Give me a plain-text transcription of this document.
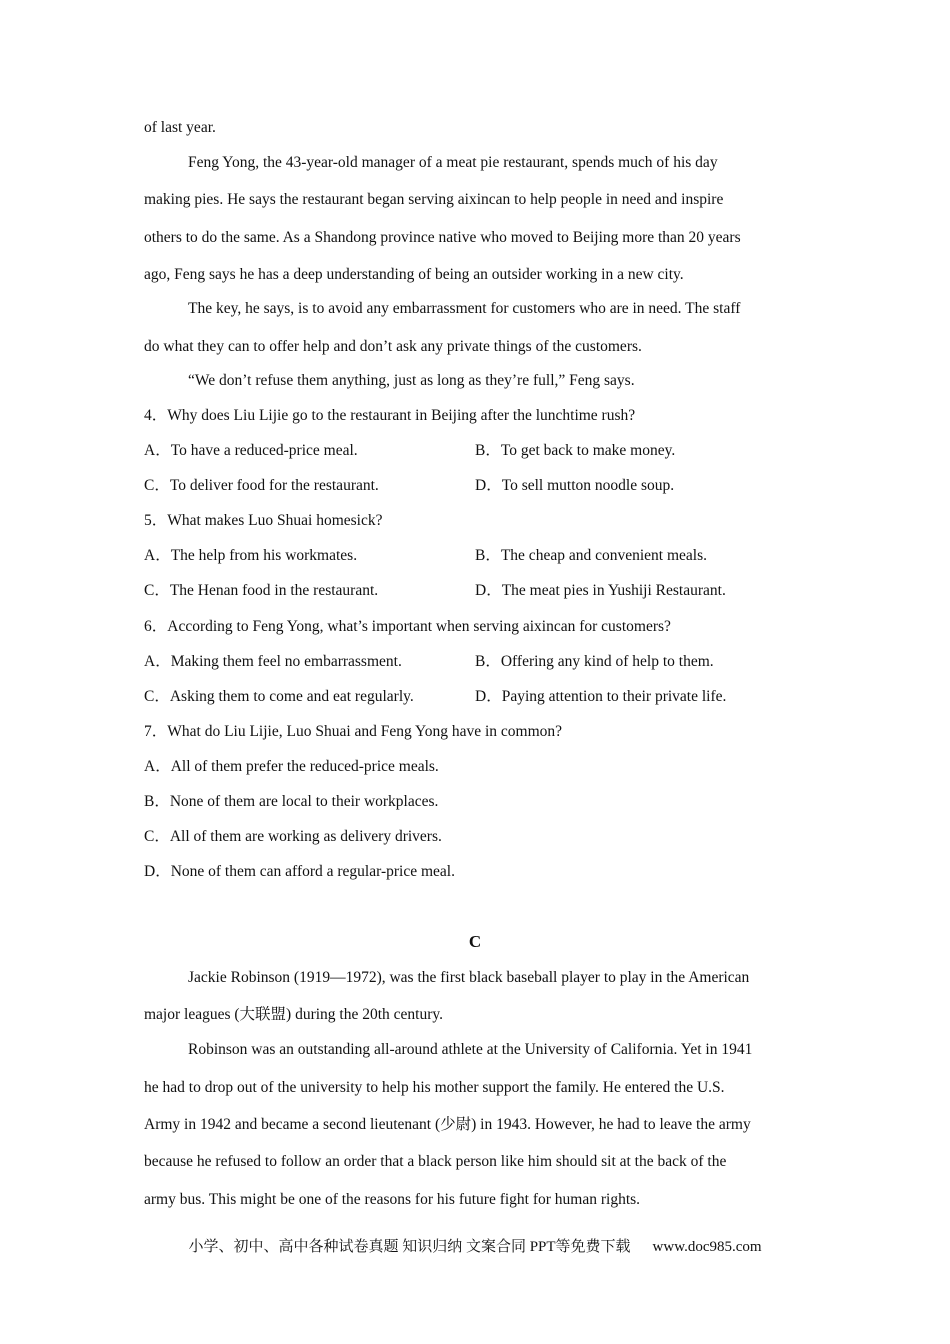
of last year.
Feng Yong, the 43-year-old manager of a meat pie restaurant, spends much of his day
making pies. He says the restaurant began serving aixincan to help people in need and inspire
others to do the same. As a Shandong province native who moved to Beijing more than 20 years
ago, Feng says he has a deep understanding of being an outsider working in a new city.
The key, he says, is to avoid any embarrassment for customers who are in need. The staff
do what they can to offer help and don’t ask any private things of the customers.
“We don’t refuse them anything, just as long as they’re full,” Feng says.
4．Why does Liu Lijie go to the restaurant in Beijing after the lunchtime rush?
A．To have a reduced-price meal.	B．To get back to make money.
C．To deliver food for the restaurant.	D．To sell mutton noodle soup.
5．What makes Luo Shuai homesick?
A．The help from his workmates.	B．The cheap and convenient meals.
C．The Henan food in the restaurant.	D．The meat pies in Yushiji Restaurant.
6．According to Feng Yong, what’s important when serving aixincan for customers?
A．Making them feel no embarrassment.	B．Offering any kind of help to them.
C．Asking them to come and eat regularly.	D．Paying attention to their private life.
7．What do Liu Lijie, Luo Shuai and Feng Yong have in common?
A．All of them prefer the reduced-price meals.
B．None of them are local to their workplaces.
C．All of them are working as delivery drivers.
D．None of them can afford a regular-price meal.
C
Jackie Robinson (1919—1972), was the first black baseball player to play in the American
major leagues (大联盟) during the 20th century.
Robinson was an outstanding all-around athlete at the University of California. Yet in 1941
he had to drop out of the university to help his mother support the family. He entered the U.S.
Army in 1942 and became a second lieutenant (少尉) in 1943. However, he had to leave the army
because he refused to follow an order that a black person like him should sit at the back of the
army bus. This might be one of the reasons for his future fight for human rights.
小学、初中、高中各种试卷真题 知识归纳 文案合同 PPT等免费下载 www.doc985.com
